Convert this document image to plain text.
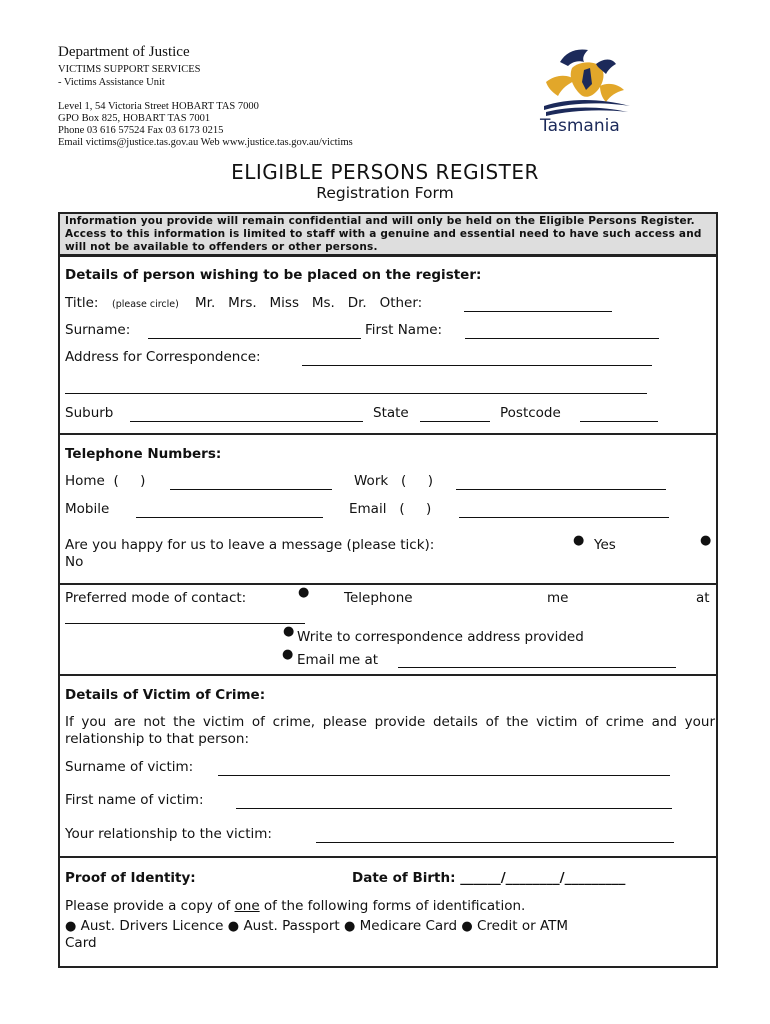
Department of Justice
VICTIMS SUPPORT SERVICES
- Victims Assistance Unit
Level 1, 54 Victoria Street HOBART TAS 7000
GPO Box 825, HOBART TAS 7001
Phone 03 616 57524 Fax 03 6173 0215
Email victims@justice.tas.gov.au Web www.justice.tas.gov.au/victims
Tasmania
ELIGIBLE PERSONS REGISTER
Registration Form
Information you provide will remain confidential and will only be held on the Eligible Persons Register. Access to this information is limited to staff with a genuine and essential need to have such access and will not be available to offenders or other persons.
Details of person wishing to be placed on the register:
Title: (please circle) Mr.   Mrs.   Miss   Ms.   Dr.   Other:
Surname:	First Name:
Address for Correspondence:
Suburb	State	Postcode
Telephone Numbers:
Home  (     )	Work   (     )
Mobile	Email   (     )
Are you happy for us to leave a message (please tick):	● Yes	●
No
Preferred mode of contact:	●	Telephone	me	at
● Write to correspondence address provided
● Email me at
Details of Victim of Crime:
If you are not the victim of crime, please provide details of the victim of crime and your relationship to that person:
Surname of victim:
First name of victim:
Your relationship to the victim:
Proof of Identity:	Date of Birth: ______/________/_________
Please provide a copy of one of the following forms of identification.
● Aust. Drivers Licence ● Aust. Passport ● Medicare Card ● Credit or ATM
Card
